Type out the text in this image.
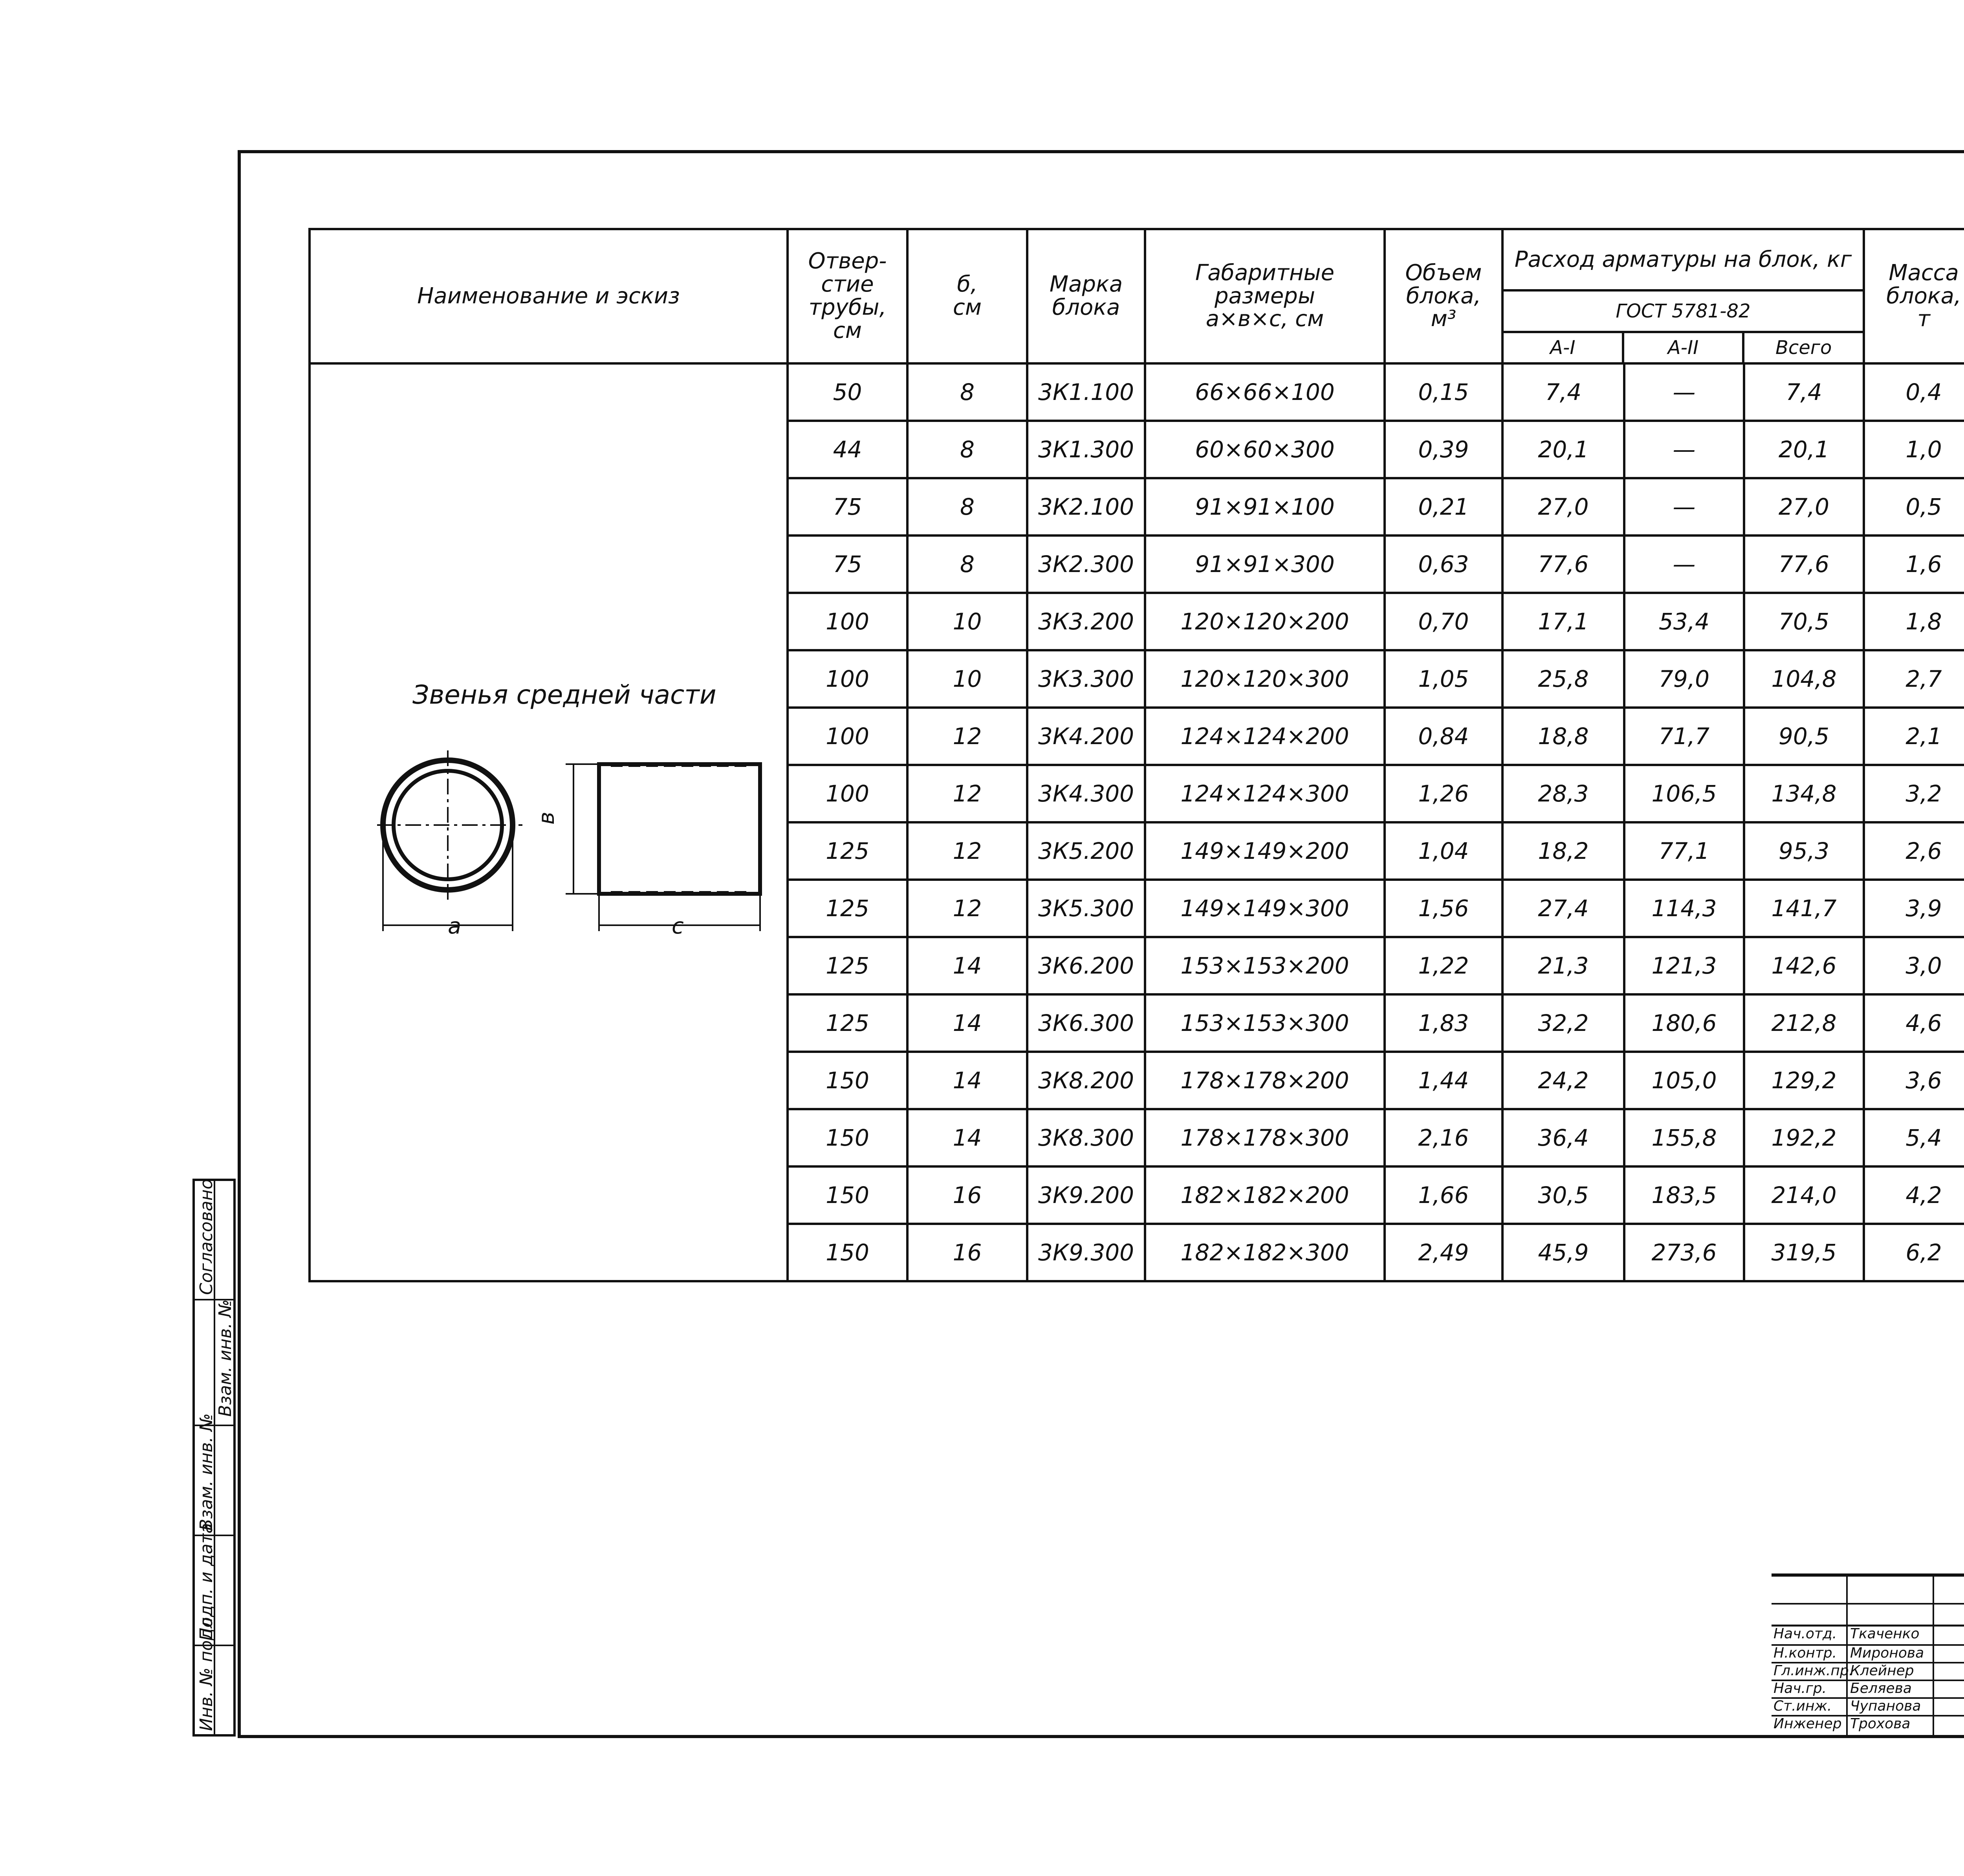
Наименование и эскиз	Отвер-
стие
трубы,
см	б,
см	Марка
блока	Габаритные
размеры
a×в×с, см	Объем
блока,
м³	Расход арматуры на блок, кг			Масса
блока,
т	

						ГОСТ 5781-82
А-I А-II Всего				

	50	8	3К1.100	66×66×100	0,15	7,4	—	7,4	0,4	
	44	8	3К1.300	60×60×300	0,39	20,1	—	20,1	1,0	
	75	8	3К2.100	91×91×100	0,21	27,0	—	27,0	0,5	
	75	8	3К2.300	91×91×300	0,63	77,6	—	77,6	1,6	
	100	10	3К3.200	120×120×200	0,70	17,1	53,4	70,5	1,8	
	100	10	3К3.300	120×120×300	1,05	25,8	79,0	104,8	2,7	
	100	12	3К4.200	124×124×200	0,84	18,8	71,7	90,5	2,1	
	100	12	3К4.300	124×124×300	1,26	28,3	106,5	134,8	3,2	
	125	12	3К5.200	149×149×200	1,04	18,2	77,1	95,3	2,6	
	125	12	3К5.300	149×149×300	1,56	27,4	114,3	141,7	3,9	
	125	14	3К6.200	153×153×200	1,22	21,3	121,3	142,6	3,0	
	125	14	3К6.300	153×153×300	1,83	32,2	180,6	212,8	4,6	
	150	14	3К8.200	178×178×200	1,44	24,2	105,0	129,2	3,6	
	150	14	3К8.300	178×178×300	2,16	36,4	155,8	192,2	5,4	
	150	16	3К9.200	182×182×200	1,66	30,5	183,5	214,0	4,2	
	150	16	3К9.300	182×182×300	2,49	45,9	273,6	319,5	6,2	
Звенья средней части
a
в
с
Нач.отд. Ткаченко
Н.контр. Миронова
Гл.инж.пр.
Клейнер
Нач.гр. Беляева
Ст.инж. Чупанова
Инженер Трохова
Согласовано
Взам. инв. №
Подп. и дата
Инв. № подл.
Взам. инв. №
